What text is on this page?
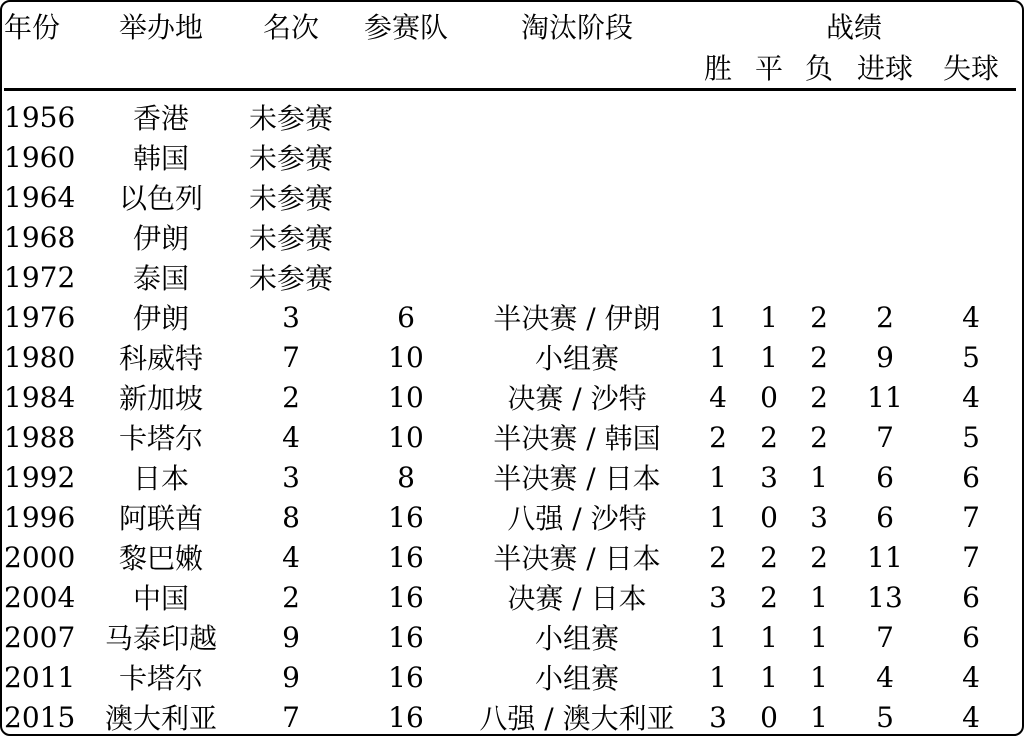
年份	举办地	名次	参赛队	淘汰阶段	战绩				
					胜	平	负	进球	失球

1956	香港	未参赛							
1960	韩国	未参赛							
1964	以色列	未参赛							
1968	伊朗	未参赛							
1972	泰国	未参赛							
1976	伊朗	3	6	半决赛 / 伊朗	1	1	2	2	4
1980	科威特	7	10	小组赛	1	1	2	9	5
1984	新加坡	2	10	决赛 / 沙特	4	0	2	11	4
1988	卡塔尔	4	10	半决赛 / 韩国	2	2	2	7	5
1992	日本	3	8	半决赛 / 日本	1	3	1	6	6
1996	阿联酋	8	16	八强 / 沙特	1	0	3	6	7
2000	黎巴嫩	4	16	半决赛 / 日本	2	2	2	11	7
2004	中国	2	16	决赛 / 日本	3	2	1	13	6
2007	马泰印越	9	16	小组赛	1	1	1	7	6
2011	卡塔尔	9	16	小组赛	1	1	1	4	4
2015	澳大利亚	7	16	八强 / 澳大利亚	3	0	1	5	4
